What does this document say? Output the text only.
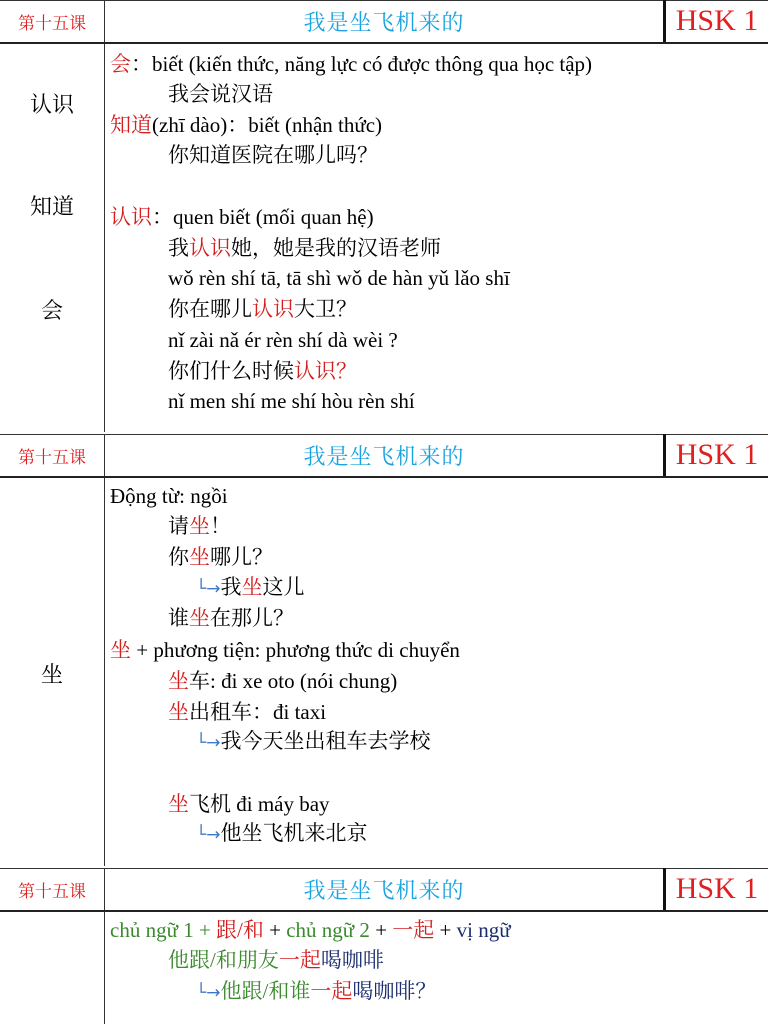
第十五课	我是坐飞机来的	HSK 1
认识
知道
会
会：biết (kiến thức, năng lực có được thông qua học tập)
我会说汉语
知道(zhī dào)：biết (nhận thức)
你知道医院在哪儿吗？
认识：quen biết (mối quan hệ)
我认识她，她是我的汉语老师
wǒ rèn shí tā, tā shì wǒ de hàn yǔ lǎo shī
你在哪儿认识大卫？
nǐ zài nǎ ér rèn shí dà wèi ?
你们什么时候认识？
nǐ men shí me shí hòu rèn shí
第十五课	我是坐飞机来的	HSK 1
坐
Động từ: ngồi
请坐！
你坐哪儿？
└→我坐这儿
谁坐在那儿？
坐 + phương tiện: phương thức di chuyển
坐车: đi xe oto (nói chung)
坐出租车：đi taxi
└→我今天坐出租车去学校
坐飞机 đi máy bay
└→他坐飞机来北京
第十五课	我是坐飞机来的	HSK 1
chủ ngữ 1 + 跟/和 + chủ ngữ 2 + 一起 + vị ngữ
他跟/和朋友一起喝咖啡
└→他跟/和谁一起喝咖啡？
